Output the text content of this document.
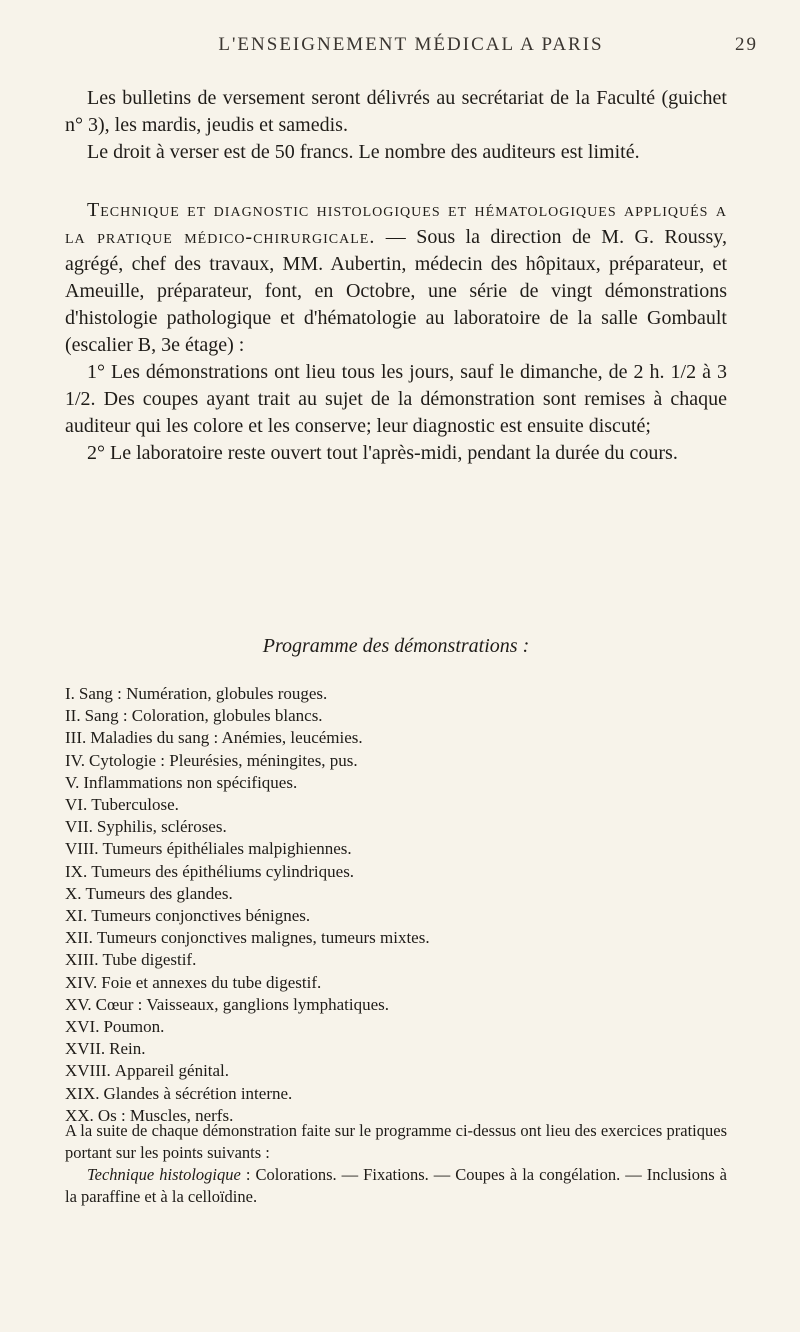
L'ENSEIGNEMENT MÉDICAL A PARIS	29

Les bulletins de versement seront délivrés au secrétariat de la Faculté (guichet n° 3), les mardis, jeudis et samedis.

Le droit à verser est de 50 francs. Le nombre des auditeurs est limité.

Technique et diagnostic histologiques et hématologiques appliqués a la pratique médico-chirurgicale. — Sous la direction de M. G. Roussy, agrégé, chef des travaux, MM. Aubertin, médecin des hôpitaux, préparateur, et Ameuille, préparateur, font, en Octobre, une série de vingt démonstrations d'histologie pathologique et d'hématologie au laboratoire de la salle Gombault (escalier B, 3e étage) :

1° Les démonstrations ont lieu tous les jours, sauf le dimanche, de 2 h. 1/2 à 3 1/2. Des coupes ayant trait au sujet de la démonstration sont remises à chaque auditeur qui les colore et les conserve; leur diagnostic est ensuite discuté;

2° Le laboratoire reste ouvert tout l'après-midi, pendant la durée du cours.

Programme des démonstrations :
I. Sang : Numération, globules rouges.
II. Sang : Coloration, globules blancs.
III. Maladies du sang : Anémies, leucémies.
IV. Cytologie : Pleurésies, méningites, pus.
V. Inflammations non spécifiques.
VI. Tuberculose.
VII. Syphilis, scléroses.
VIII. Tumeurs épithéliales malpighiennes.
IX. Tumeurs des épithéliums cylindriques.
X. Tumeurs des glandes.
XI. Tumeurs conjonctives bénignes.
XII. Tumeurs conjonctives malignes, tumeurs mixtes.
XIII. Tube digestif.
XIV. Foie et annexes du tube digestif.
XV. Cœur : Vaisseaux, ganglions lymphatiques.
XVI. Poumon.
XVII. Rein.
XVIII. Appareil génital.
XIX. Glandes à sécrétion interne.
XX. Os : Muscles, nerfs.

A la suite de chaque démonstration faite sur le programme ci-dessus ont lieu des exercices pratiques portant sur les points suivants :

Technique histologique : Colorations. — Fixations. — Coupes à la congélation. — Inclusions à la paraffine et à la celloïdine.
